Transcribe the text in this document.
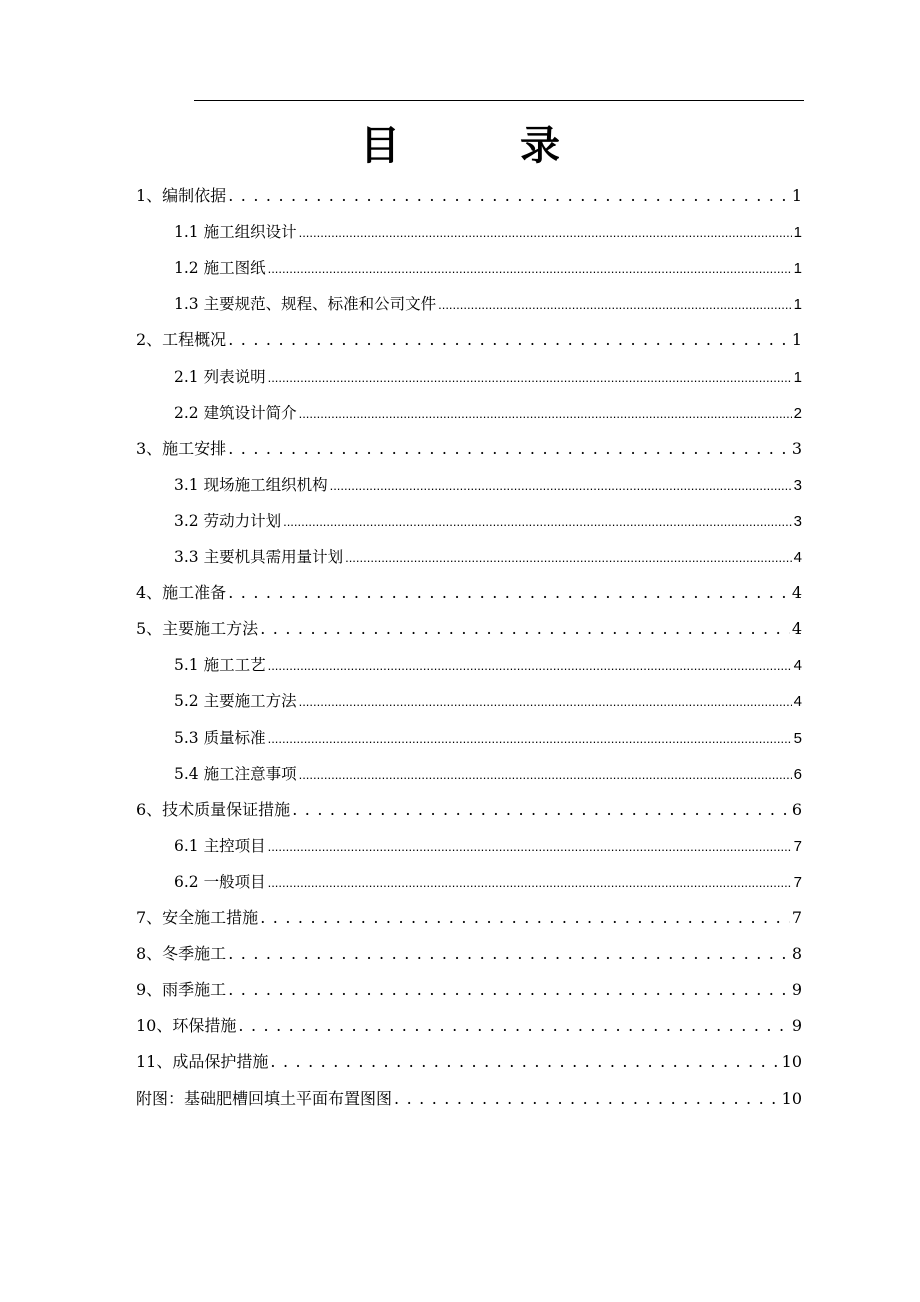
目　录
1、编制依据 . . .	1
1.1 施工组织设计 .....	1
1.2 施工图纸 .....	1
1.3 主要规范、规程、标准和公司文件 .....	1
2、工程概况 . . .	1
2.1 列表说明 .....	1
2.2 建筑设计简介 .....	2
3、施工安排 . . .	3
3.1 现场施工组织机构 .....	3
3.2 劳动力计划 .....	3
3.3 主要机具需用量计划 .....	4
4、施工准备 . . .	4
5、主要施工方法 . . .	4
5.1 施工工艺 .....	4
5.2 主要施工方法 .....	4
5.3 质量标准 .....	5
5.4 施工注意事项 .....	6
6、技术质量保证措施 . . .	6
6.1 主控项目 .....	7
6.2 一般项目 .....	7
7、安全施工措施 . . .	7
8、冬季施工 . . .	8
9、雨季施工 . . .	9
10、环保措施 . . .	9
11、成品保护措施 . . .	10
附图：基础肥槽回填土平面布置图图 . . .	10
